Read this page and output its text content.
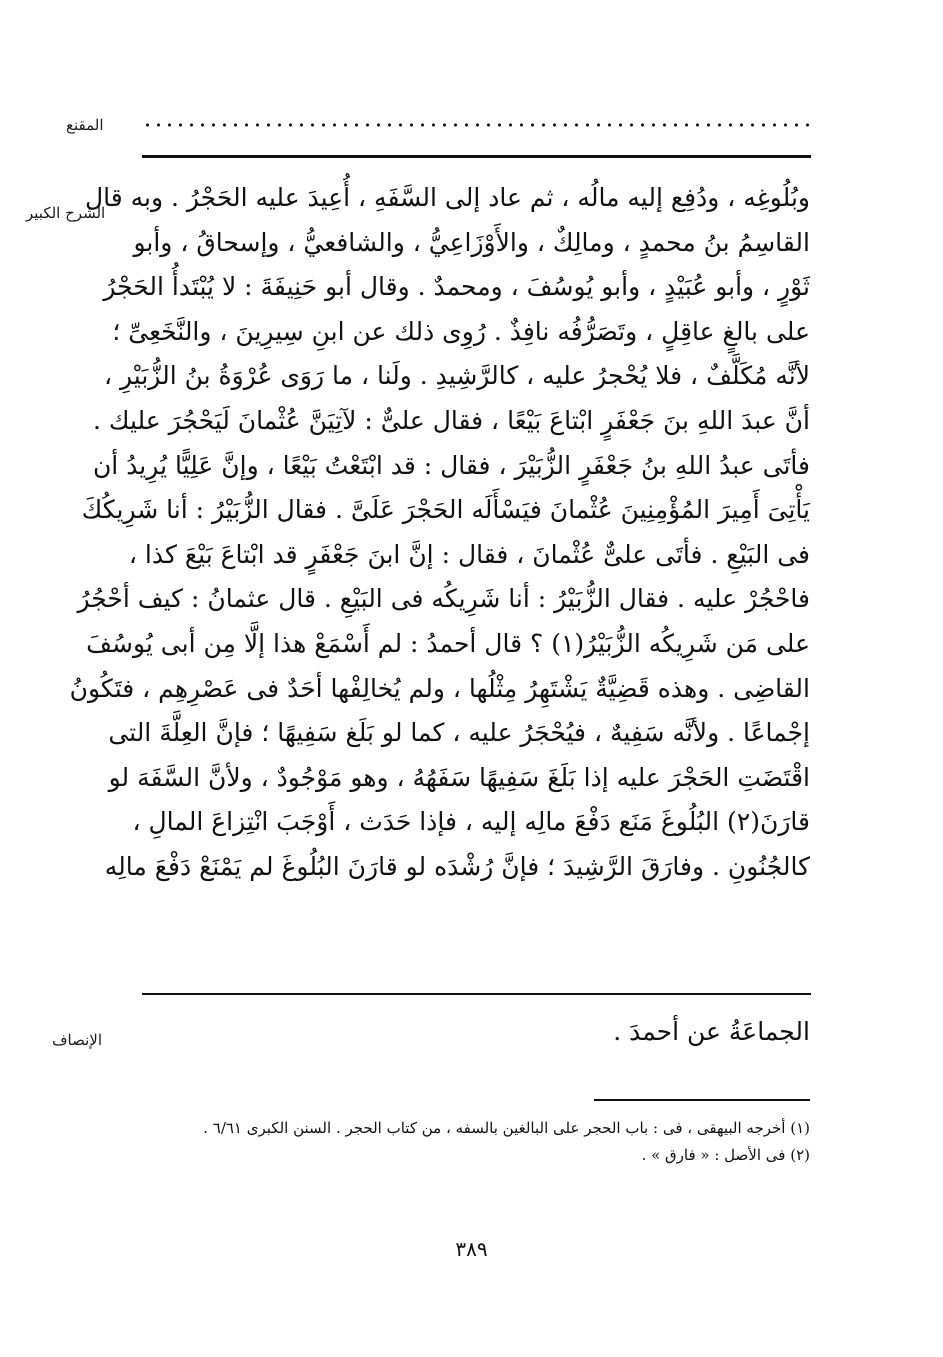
المقنع
الشرح الكبير
وبُلُوغِه ، ودُفِع إليه مالُه ، ثم عاد إلى السَّفَهِ ، أُعِيدَ عليه الحَجْرُ . وبه قال
القاسِمُ بنُ محمدٍ ، ومالِكٌ ، والأَوْزَاعِيُّ ، والشافعيُّ ، وإسحاقُ ، وأبو
ثَوْرٍ ، وأبو عُبَيْدٍ ، وأبو يُوسُفَ ، ومحمدٌ . وقال أبو حَنِيفَةَ : لا يُبْتَدأُ الحَجْرُ
على بالغٍ عاقِلٍ ، وتَصَرُّفُه نافِذٌ . رُوِى ذلك عن ابنِ سِيرِينَ ، والنَّخَعِىِّ ؛
لأنَّه مُكَلَّفٌ ، فلا يُحْجرُ عليه ، كالرَّشِيدِ . ولَنا ، ما رَوَى عُرْوَةُ بنُ الزُّبَيْرِ ،
أنَّ عبدَ اللهِ بنَ جَعْفَرٍ ابْتاعَ بَيْعًا ، فقال علىٌّ : لآتِيَنَّ عُثْمانَ لَيَحْجُرَ عليك .
فأتَى عبدُ اللهِ بنُ جَعْفَرٍ الزُّبَيْرَ ، فقال : قد ابْتَعْتُ بَيْعًا ، وإنَّ عَلِيًّا يُرِيدُ أن
يَأْتِىَ أَمِيرَ المُؤْمِنِينَ عُثْمانَ فيَسْأَلَه الحَجْرَ عَلَىَّ . فقال الزُّبَيْرُ : أنا شَرِيكُكَ
فى البَيْعِ . فأتَى علىٌّ عُثْمانَ ، فقال : إنَّ ابنَ جَعْفَرٍ قد ابْتاعَ بَيْعَ كذا ،
فاحْجُرْ عليه . فقال الزُّبَيْرُ : أنا شَرِيكُه فى البَيْعِ . قال عثمانُ : كيف أحْجُرُ
على مَن شَرِيكُه الزُّبَيْرُ(١) ؟ قال أحمدُ : لم أَسْمَعْ هذا إلَّا مِن أبى يُوسُفَ
القاضِى . وهذه قَضِيَّةٌ يَشْتَهِرُ مِثْلُها ، ولم يُخالِفْها أحَدٌ فى عَصْرِهِم ، فتَكُونُ
إجْماعًا . ولأنَّه سَفِيهٌ ، فيُحْجَرُ عليه ، كما لو بَلَغ سَفِيهًا ؛ فإنَّ العِلَّةَ التى
اقْتَضَتِ الحَجْرَ عليه إذا بَلَغَ سَفِيهًا سَفَهُهُ ، وهو مَوْجُودٌ ، ولأنَّ السَّفَهَ لو
قارَنَ(٢) البُلُوغَ مَنَع دَفْعَ مالِه إليه ، فإذا حَدَث ، أَوْجَبَ انْتِزاعَ المالِ ،
كالجُنُونِ . وفارَقَ الرَّشِيدَ ؛ فإنَّ رُشْدَه لو قارَنَ البُلُوغَ لم يَمْنَعْ دَفْعَ مالِه
الإنصاف	الجماعَةُ عن أحمدَ .
(١) أخرجه البيهقى ، فى : باب الحجر على البالغين بالسفه ، من كتاب الحجر . السنن الكبرى ٦/٦١ .
(٢) فى الأصل : « فارق » .
٣٨٩
